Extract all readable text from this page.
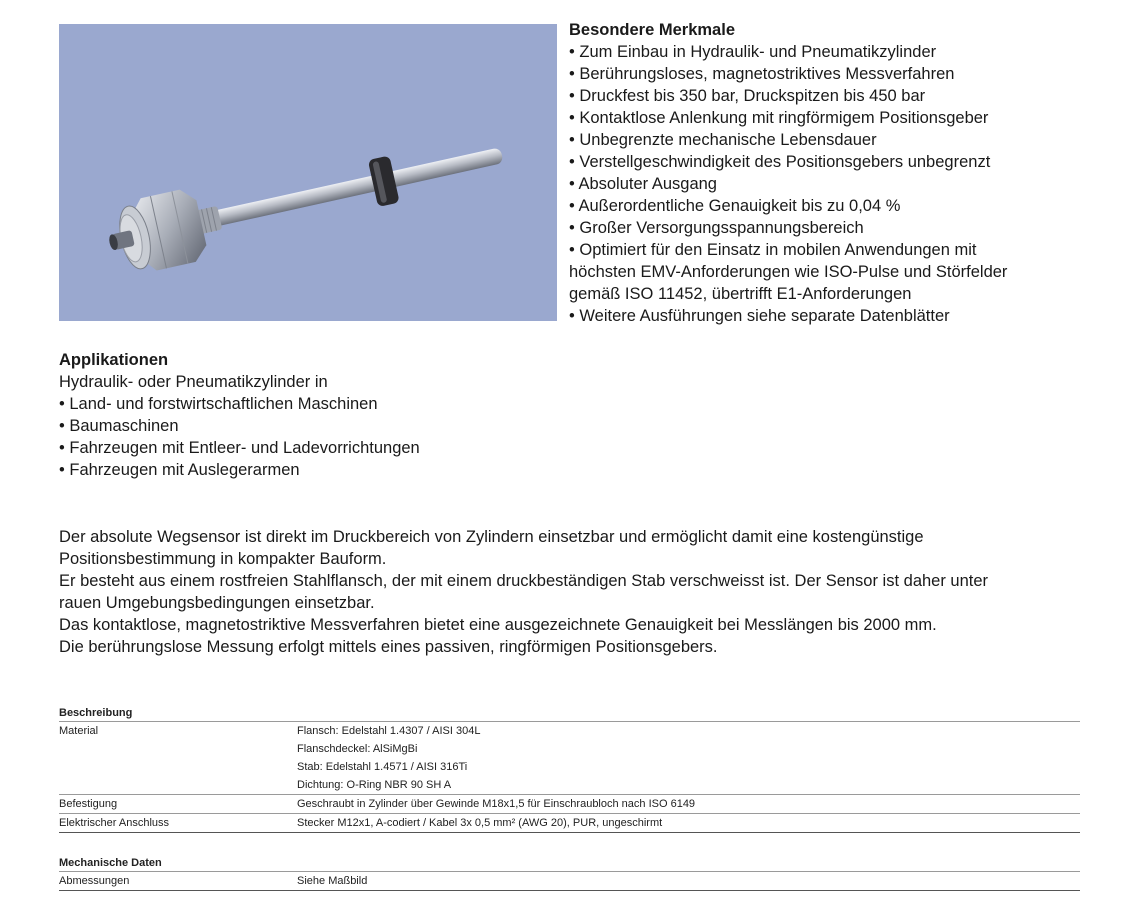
Besondere Merkmale
• Zum Einbau in Hydraulik- und Pneumatikzylinder
• Berührungsloses, magnetostriktives Messverfahren
• Druckfest bis 350 bar, Druckspitzen bis 450 bar
• Kontaktlose Anlenkung mit ringförmigem Positionsgeber
• Unbegrenzte mechanische Lebensdauer
• Verstellgeschwindigkeit des Positionsgebers unbegrenzt
• Absoluter Ausgang
• Außerordentliche Genauigkeit bis zu 0,04 %
• Großer Versorgungsspannungsbereich
• Optimiert für den Einsatz in mobilen Anwendungen mit
höchsten EMV-Anforderungen wie ISO-Pulse und Störfelder
gemäß ISO 11452, übertrifft E1-Anforderungen
• Weitere Ausführungen siehe separate Datenblätter
Applikationen
Hydraulik- oder Pneumatikzylinder in
• Land- und forstwirtschaftlichen Maschinen
• Baumaschinen
• Fahrzeugen mit Entleer- und Ladevorrichtungen
• Fahrzeugen mit Auslegerarmen
Der absolute Wegsensor ist direkt im Druckbereich von Zylindern einsetzbar und ermöglicht damit eine kostengünstige
Positionsbestimmung in kompakter Bauform.
Er besteht aus einem rostfreien Stahlflansch, der mit einem druckbeständigen Stab verschweisst ist. Der Sensor ist daher unter
rauen Umgebungsbedingungen einsetzbar.
Das kontaktlose, magnetostriktive Messverfahren bietet eine ausgezeichnete Genauigkeit bei Messlängen bis 2000 mm.
Die berührungslose Messung erfolgt mittels eines passiven, ringförmigen Positionsgebers.
Beschreibung
Material	Flansch: Edelstahl 1.4307 / AISI 304L
Flanschdeckel: AlSiMgBi
Stab: Edelstahl 1.4571 / AISI 316Ti
Dichtung: O-Ring NBR 90 SH A
Befestigung	Geschraubt in Zylinder über Gewinde M18x1,5 für Einschraubloch nach ISO 6149
Elektrischer Anschluss	Stecker M12x1, A-codiert / Kabel 3x 0,5 mm² (AWG 20), PUR, ungeschirmt
Mechanische Daten
Abmessungen	Siehe Maßbild
